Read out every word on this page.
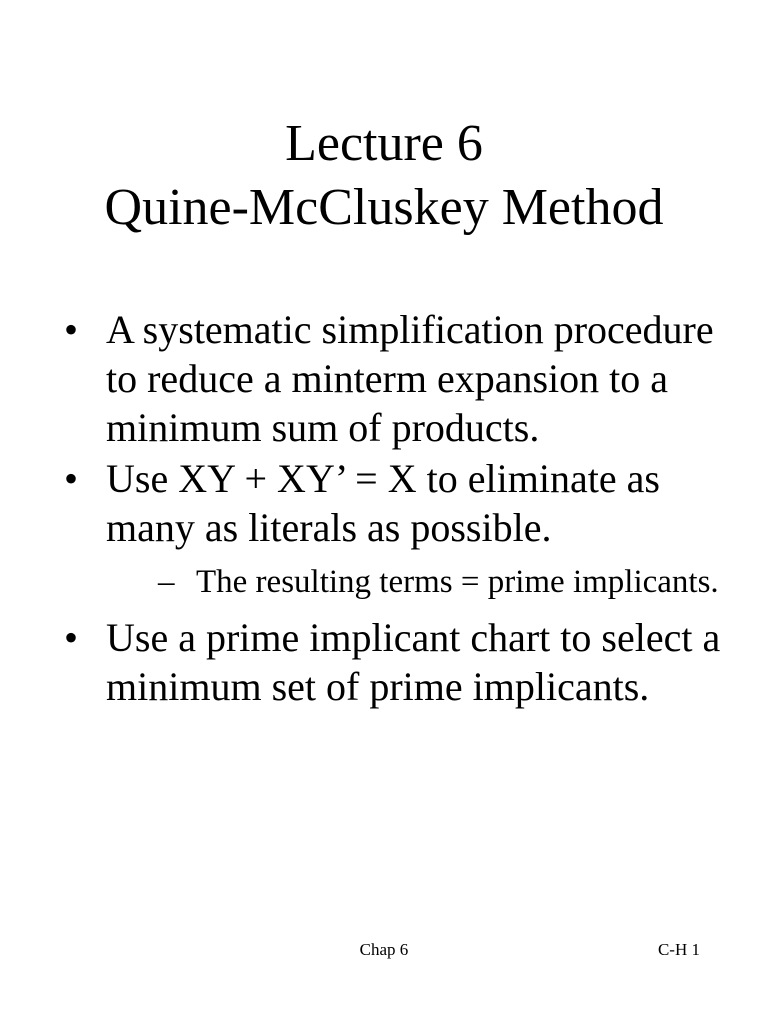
Lecture 6
Quine-McCluskey Method
• A systematic simplification procedure to reduce a minterm expansion to a minimum sum of products.
• Use XY + XY’ = X to eliminate as many as literals as possible.
– The resulting terms = prime implicants.
• Use a prime implicant chart to select a minimum set of prime implicants.
Chap 6	C-H 1
